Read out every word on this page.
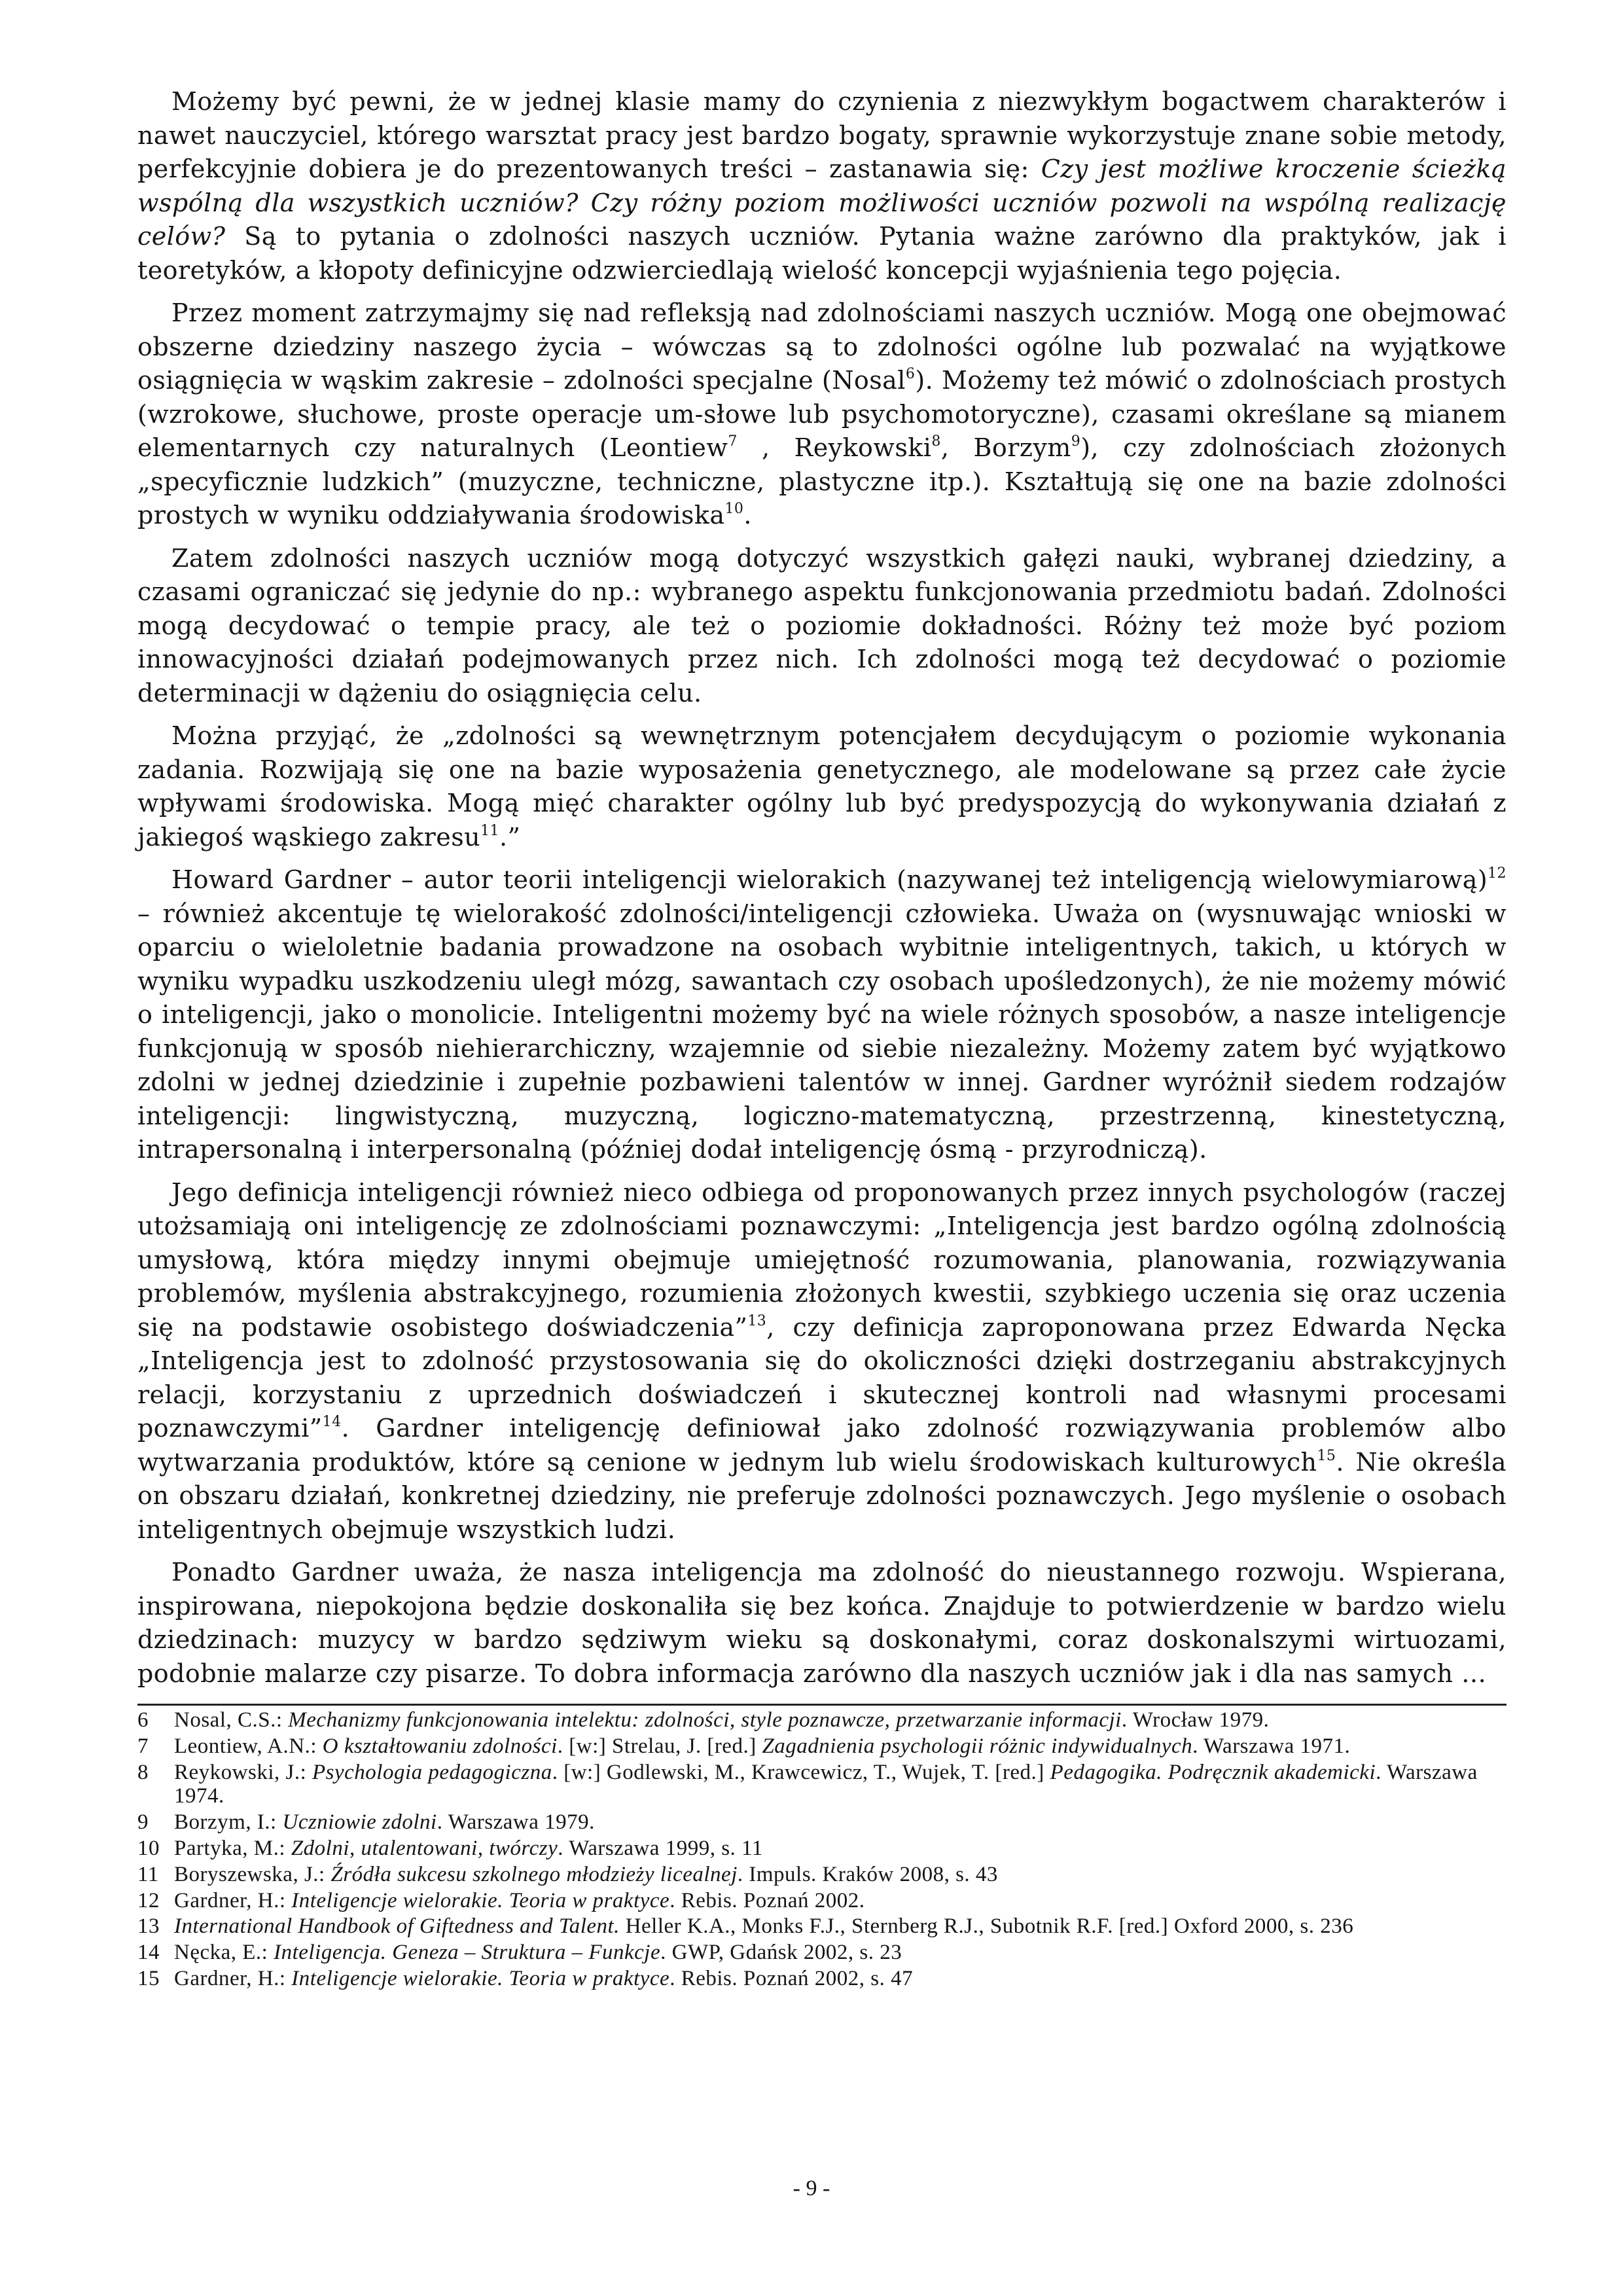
Możemy być pewni, że w jednej klasie mamy do czynienia z niezwykłym bogactwem charakterów i nawet nauczyciel, którego warsztat pracy jest bardzo bogaty, sprawnie wykorzystuje znane sobie metody, perfekcyjnie dobiera je do prezentowanych treści – zastanawia się: Czy jest możliwe kroczenie ścieżką wspólną dla wszystkich uczniów? Czy różny poziom możliwości uczniów pozwoli na wspólną realizację celów? Są to pytania o zdolności naszych uczniów. Pytania ważne zarówno dla praktyków, jak i teoretyków, a kłopoty definicyjne odzwierciedlają wielość koncepcji wyjaśnienia tego pojęcia.

Przez moment zatrzymajmy się nad refleksją nad zdolnościami naszych uczniów. Mogą one obejmować obszerne dziedziny naszego życia – wówczas są to zdolności ogólne lub pozwalać na wyjątkowe osiągnięcia w wąskim zakresie – zdolności specjalne (Nosal$^6$). Możemy też mówić o zdolnościach prostych (wzrokowe, słuchowe, proste operacje um-słowe lub psychomotoryczne), czasami określane są mianem elementarnych czy naturalnych (Leontiew$^7$ , Reykowski$^8$, Borzym$^9$), czy zdolnościach złożonych „specyficznie ludzkich” (muzyczne, techniczne, plastyczne itp.). Kształtują się one na bazie zdolności prostych w wyniku oddziaływania środowiska$^{10}$.

Zatem zdolności naszych uczniów mogą dotyczyć wszystkich gałęzi nauki, wybranej dziedziny, a czasami ograniczać się jedynie do np.: wybranego aspektu funkcjonowania przedmiotu badań. Zdolności mogą decydować o tempie pracy, ale też o poziomie dokładności. Różny też może być poziom innowacyjności działań podejmowanych przez nich. Ich zdolności mogą też decydować o poziomie determinacji w dążeniu do osiągnięcia celu.

Można przyjąć, że „zdolności są wewnętrznym potencjałem decydującym o poziomie wykonania zadania. Rozwijają się one na bazie wyposażenia genetycznego, ale modelowane są przez całe życie wpływami środowiska. Mogą mięć charakter ogólny lub być predyspozycją do wykonywania działań z jakiegoś wąskiego zakresu$^{11}$.”

Howard Gardner – autor teorii inteligencji wielorakich (nazywanej też inteligencją wielowymiarową)$^{12}$ – również akcentuje tę wielorakość zdolności/inteligencji człowieka. Uważa on (wysnuwając wnioski w oparciu o wieloletnie badania prowadzone na osobach wybitnie inteligentnych, takich, u których w wyniku wypadku uszkodzeniu uległ mózg, sawantach czy osobach upośledzonych), że nie możemy mówić o inteligencji, jako o monolicie. Inteligentni możemy być na wiele różnych sposobów, a nasze inteligencje funkcjonują w sposób niehierarchiczny, wzajemnie od siebie niezależny. Możemy zatem być wyjątkowo zdolni w jednej dziedzinie i zupełnie pozbawieni talentów w innej. Gardner wyróżnił siedem rodzajów inteligencji: lingwistyczną, muzyczną, logiczno-matematyczną, przestrzenną, kinestetyczną, intrapersonalną i interpersonalną (później dodał inteligencję ósmą - przyrodniczą).

Jego definicja inteligencji również nieco odbiega od proponowanych przez innych psychologów (raczej utożsamiają oni inteligencję ze zdolnościami poznawczymi: „Inteligencja jest bardzo ogólną zdolnością umysłową, która między innymi obejmuje umiejętność rozumowania, planowania, rozwiązywania problemów, myślenia abstrakcyjnego, rozumienia złożonych kwestii, szybkiego uczenia się oraz uczenia się na podstawie osobistego doświadczenia”$^{13}$, czy definicja zaproponowana przez Edwarda Nęcka „Inteligencja jest to zdolność przystosowania się do okoliczności dzięki dostrzeganiu abstrakcyjnych relacji, korzystaniu z uprzednich doświadczeń i skutecznej kontroli nad własnymi procesami poznawczymi”$^{14}$. Gardner inteligencję definiował jako zdolność rozwiązywania problemów albo wytwarzania produktów, które są cenione w jednym lub wielu środowiskach kulturowych$^{15}$. Nie określa on obszaru działań, konkretnej dziedziny, nie preferuje zdolności poznawczych. Jego myślenie o osobach inteligentnych obejmuje wszystkich ludzi.

Ponadto Gardner uważa, że nasza inteligencja ma zdolność do nieustannego rozwoju. Wspierana, inspirowana, niepokojona będzie doskonaliła się bez końca. Znajduje to potwierdzenie w bardzo wielu dziedzinach: muzycy w bardzo sędziwym wieku są doskonałymi, coraz doskonalszymi wirtuozami, podobnie malarze czy pisarze. To dobra informacja zarówno dla naszych uczniów jak i dla nas samych …

6	Nosal, C.S.: Mechanizmy funkcjonowania intelektu: zdolności, style poznawcze, przetwarzanie informacji. Wrocław 1979.
7	Leontiew, A.N.: O kształtowaniu zdolności. [w:] Strelau, J. [red.] Zagadnienia psychologii różnic indywidualnych. Warszawa 1971.
8	Reykowski, J.: Psychologia pedagogiczna. [w:] Godlewski, M., Krawcewicz, T., Wujek, T. [red.] Pedagogika. Podręcznik akademicki. Warszawa 1974.
9	Borzym, I.: Uczniowie zdolni. Warszawa 1979.
10 Partyka, M.: Zdolni, utalentowani, twórczy. Warszawa 1999, s. 11
11 Boryszewska, J.: Źródła sukcesu szkolnego młodzieży licealnej. Impuls. Kraków 2008, s. 43
12 Gardner, H.: Inteligencje wielorakie. Teoria w praktyce. Rebis. Poznań 2002.
13 International Handbook of Giftedness and Talent. Heller K.A., Monks F.J., Sternberg R.J., Subotnik R.F. [red.] Oxford 2000, s. 236
14 Nęcka, E.: Inteligencja. Geneza – Struktura – Funkcje. GWP, Gdańsk 2002, s. 23
15 Gardner, H.: Inteligencje wielorakie. Teoria w praktyce. Rebis. Poznań 2002, s. 47
- 9 -
